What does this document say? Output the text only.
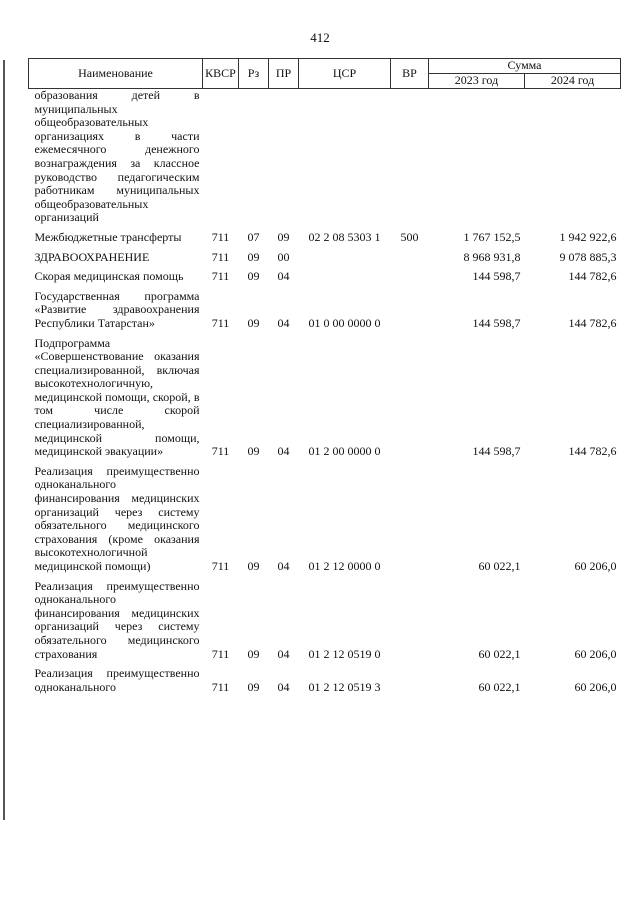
412
Наименование	КВСР	Рз	ПР	ЦСР	ВР	Сумма	
						2023 год	2024 год
образования детей в муниципальных общеобразовательных организациях в части ежемесячного денежного вознаграждения за классное руководство педагогическим работникам муниципальных общеобразовательных организаций							
Межбюджетные трансферты	711	07	09	02 2 08 5303 1	500	1 767 152,5	1 942 922,6
ЗДРАВООХРАНЕНИЕ	711	09	00			8 968 931,8	9 078 885,3
Скорая медицинская помощь	711	09	04			144 598,7	144 782,6
Государственная программа «Развитие здравоохранения Республики Татарстан»	711	09	04	01 0 00 0000 0		144 598,7	144 782,6
Подпрограмма «Совершенствование оказания специализированной, включая высокотехнологичную, медицинской помощи, скорой, в том числе скорой специализированной, медицинской помощи, медицинской эвакуации»	711	09	04	01 2 00 0000 0		144 598,7	144 782,6
Реализация преимущественно одноканального финансирования медицинских организаций через систему обязательного медицинского страхования (кроме оказания высокотехнологичной медицинской помощи)	711	09	04	01 2 12 0000 0		60 022,1	60 206,0
Реализация преимущественно одноканального финансирования медицинских организаций через систему обязательного медицинского страхования	711	09	04	01 2 12 0519 0		60 022,1	60 206,0
Реализация преимущественно одноканального	711	09	04	01 2 12 0519 3		60 022,1	60 206,0
